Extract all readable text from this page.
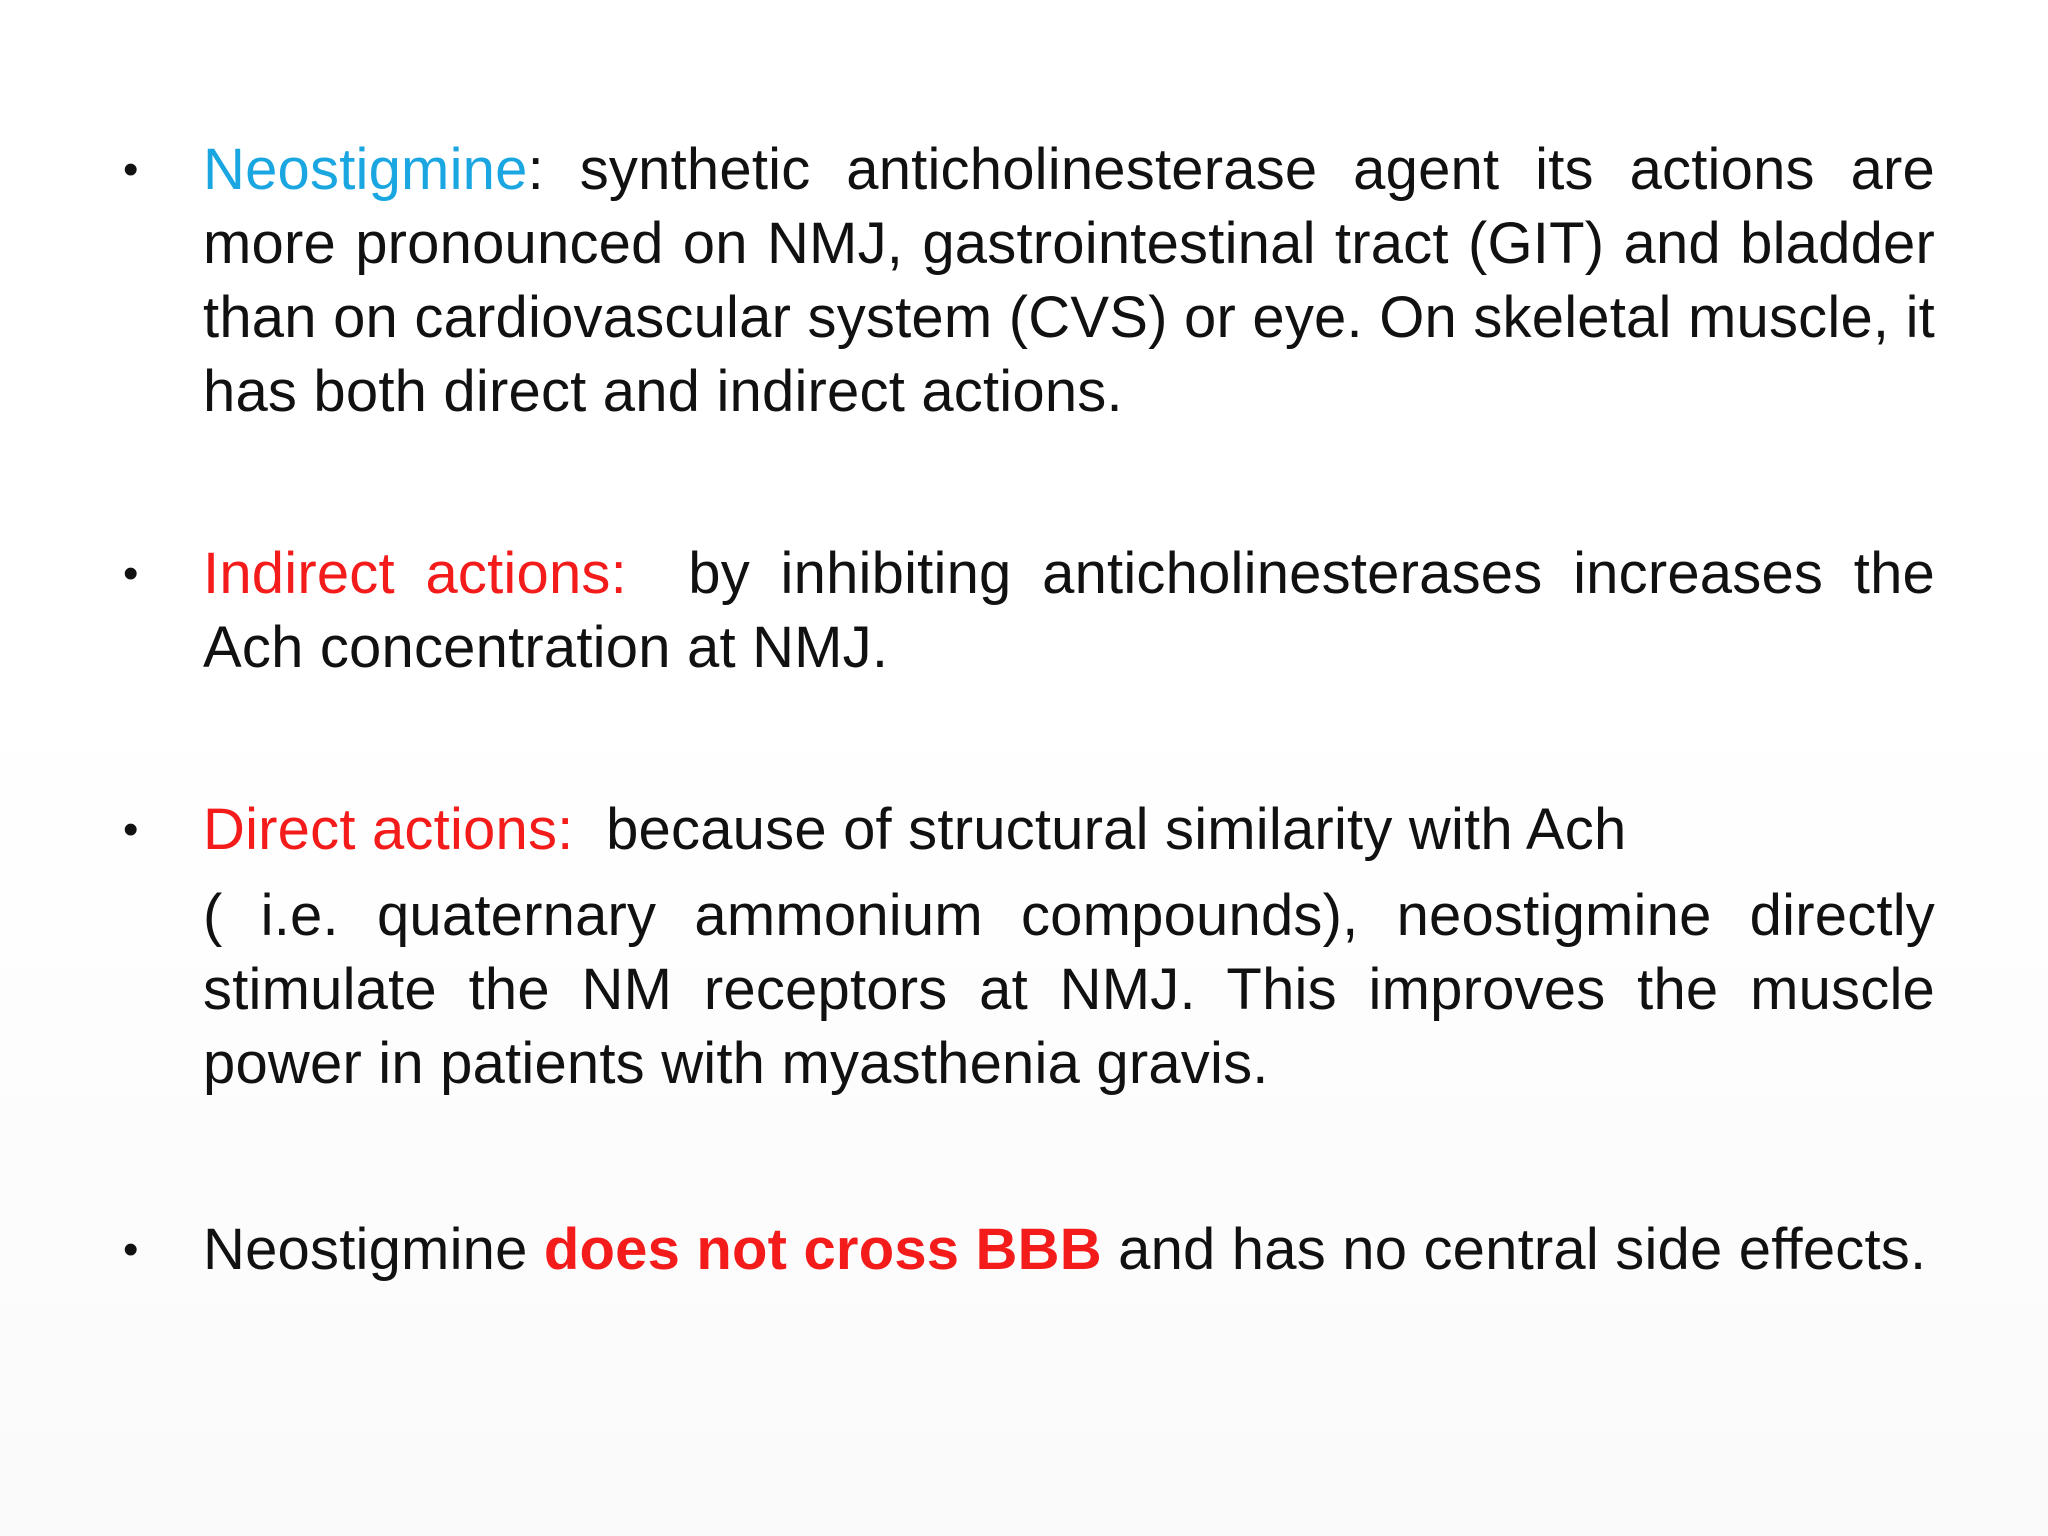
• Neostigmine: synthetic anticholinesterase agent its actions are more pronounced on NMJ, gastrointestinal tract (GIT) and bladder than on cardiovascular system (CVS) or eye. On skeletal muscle, it has both direct and indirect actions.
• Indirect actions:  by inhibiting anticholinesterases increases the Ach concentration at NMJ.
• Direct actions:  because of structural similarity with Ach
( i.e. quaternary ammonium compounds), neostigmine directly stimulate the NM receptors at NMJ. This improves the muscle power in patients with myasthenia gravis.
• Neostigmine does not cross BBB and has no central side effects.
